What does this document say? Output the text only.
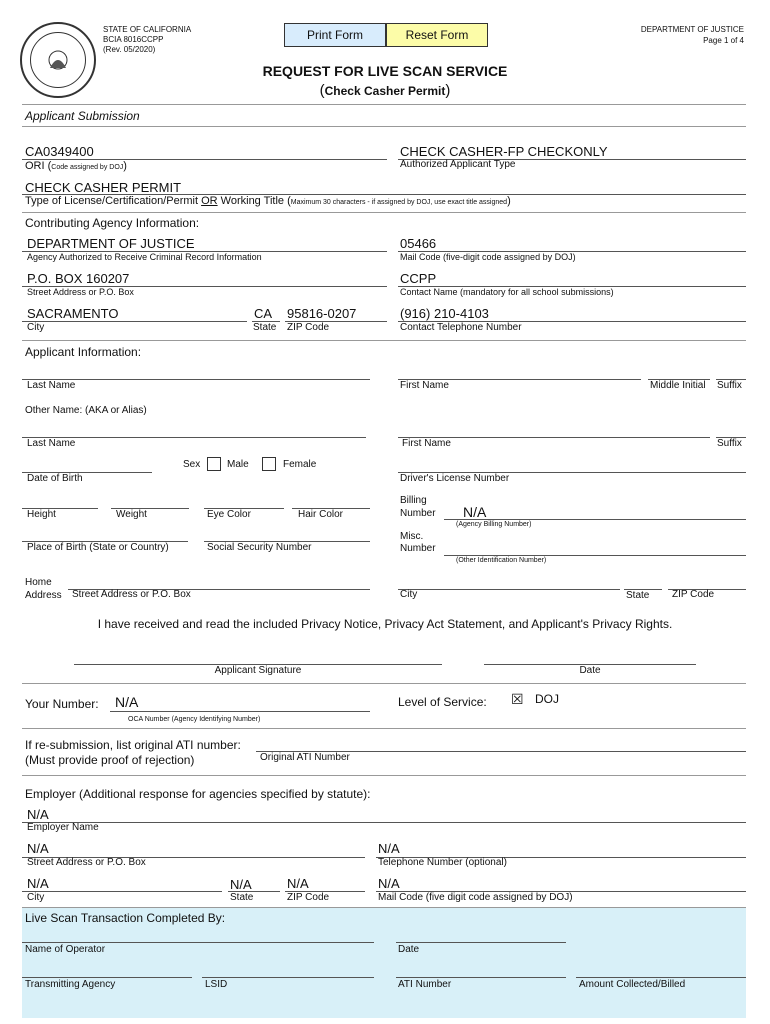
STATE OF CALIFORNIA
BCIA 8016CCPP
(Rev. 05/2020)
Print Form	Reset Form	DEPARTMENT OF JUSTICE
Page 1 of 4
REQUEST FOR LIVE SCAN SERVICE
(Check Casher Permit)
Applicant Submission
CA0349400
ORI (Code assigned by DOJ)
CHECK CASHER-FP CHECKONLY
Authorized Applicant Type
CHECK CASHER PERMIT
Type of License/Certification/Permit OR Working Title (Maximum 30 characters - if assigned by DOJ, use exact title assigned)
Contributing Agency Information:
DEPARTMENT OF JUSTICE
Agency Authorized to Receive Criminal Record Information
05466
Mail Code (five-digit code assigned by DOJ)
P.O. BOX 160207
Street Address or P.O. Box
CCPP
Contact Name (mandatory for all school submissions)
SACRAMENTO
City
CA
State
95816-0207
ZIP Code
(916) 210-4103
Contact Telephone Number
Applicant Information:
Last Name	First Name	Middle Initial Suffix
Other Name: (AKA or Alias)
Last Name	First Name	Suffix
Sex	Male	Female
Date of Birth	Driver's License Number
Height	Weight	Eye Color	Hair Color
Billing
Number N/A
(Agency Billing Number)
Place of Birth (State or Country)	Social Security Number
Misc.
Number
(Other Identification Number)
Home
Address Street Address or P.O. Box	City	State ZIP Code
I have received and read the included Privacy Notice, Privacy Act Statement, and Applicant's Privacy Rights.
Applicant Signature	Date
Your Number: N/A
OCA Number (Agency Identifying Number)
Level of Service: ☒ DOJ
If re-submission, list original ATI number:
(Must provide proof of rejection)	Original ATI Number
Employer (Additional response for agencies specified by statute):
N/A
Employer Name
N/A
Street Address or P.O. Box
N/A
Telephone Number (optional)
N/A
City
N/A
State
N/A
ZIP Code
N/A
Mail Code (five digit code assigned by DOJ)
Live Scan Transaction Completed By:
Name of Operator	Date
Transmitting Agency	LSID	ATI Number	Amount Collected/Billed
